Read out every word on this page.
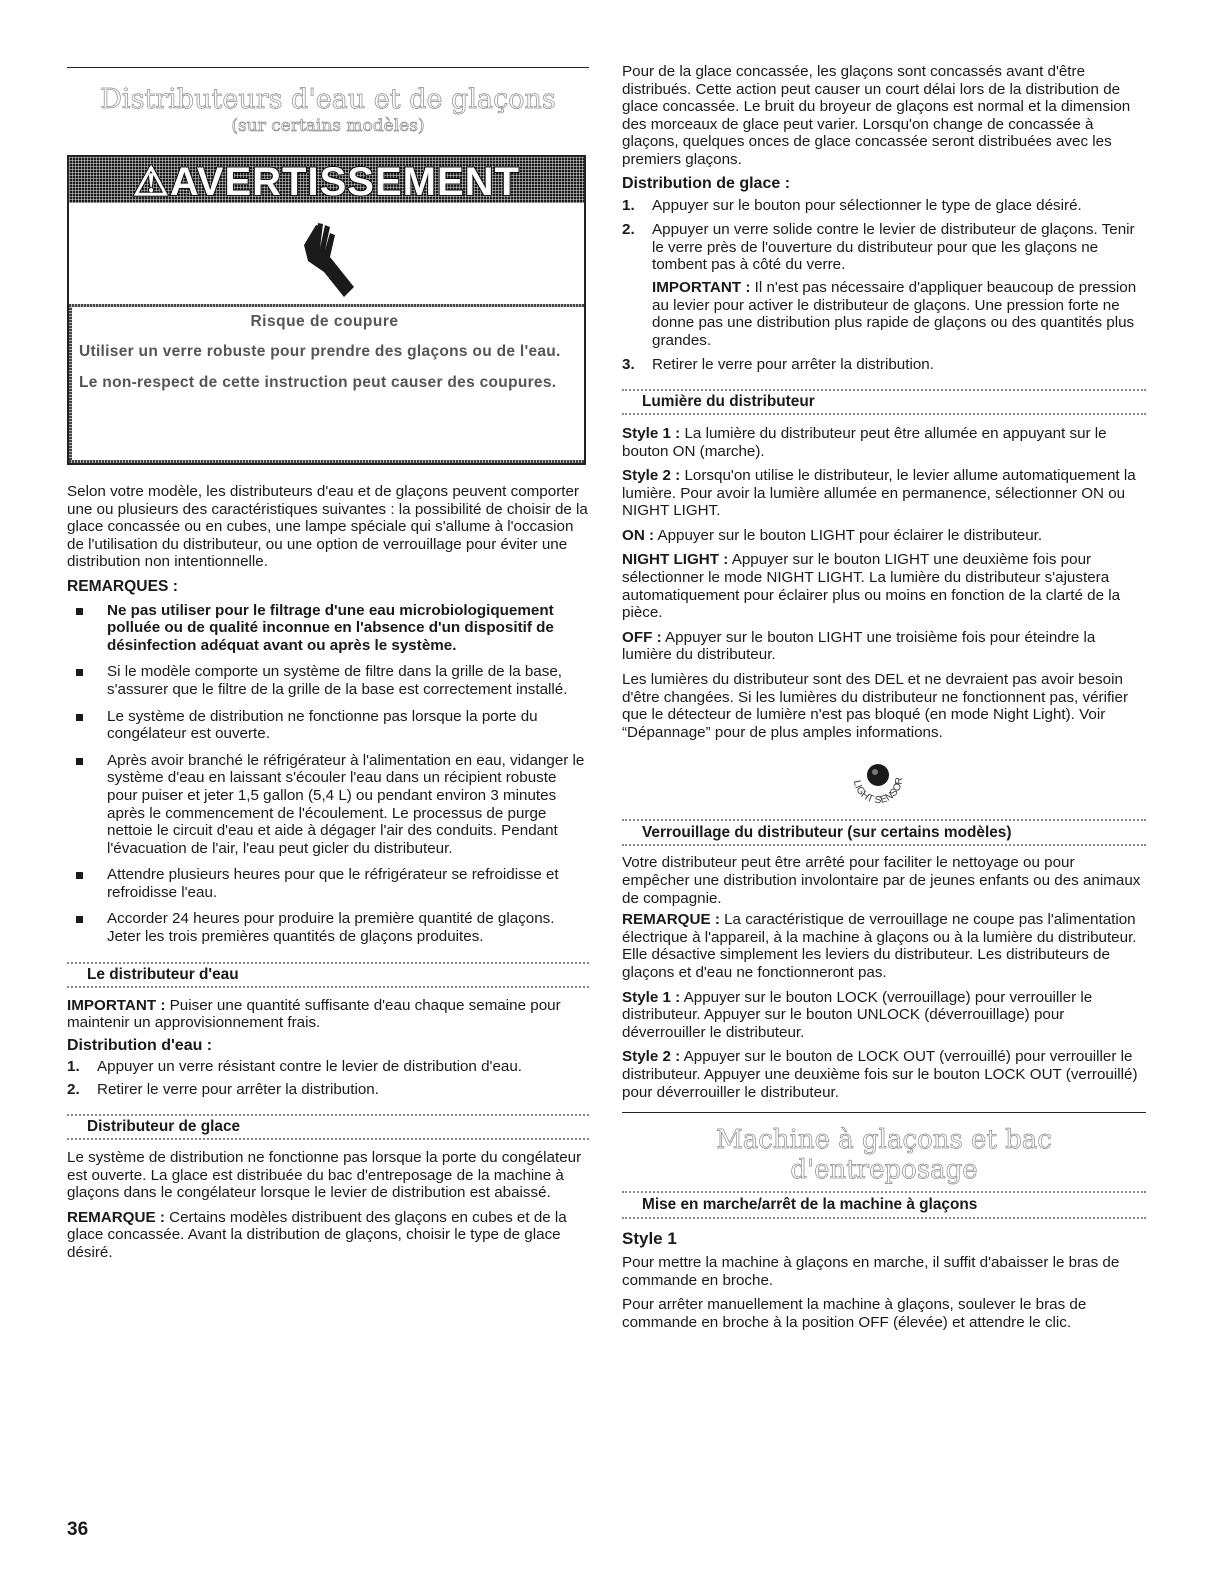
Distributeurs d'eau et de glaçons
(sur certains modèles)
⚠AVERTISSEMENT
Risque de coupure
Utiliser un verre robuste pour prendre des glaçons ou de l'eau.
Le non-respect de cette instruction peut causer des coupures.

Selon votre modèle, les distributeurs d'eau et de glaçons peuvent comporter une ou plusieurs des caractéristiques suivantes : la possibilité de choisir de la glace concassée ou en cubes, une lampe spéciale qui s'allume à l'occasion de l'utilisation du distributeur, ou une option de verrouillage pour éviter une distribution non intentionnelle.

REMARQUES :

Ne pas utiliser pour le filtrage d'une eau microbiologiquement polluée ou de qualité inconnue en l'absence d'un dispositif de désinfection adéquat avant ou après le système.

Si le modèle comporte un système de filtre dans la grille de la base, s'assurer que le filtre de la grille de la base est correctement installé.

Le système de distribution ne fonctionne pas lorsque la porte du congélateur est ouverte.

Après avoir branché le réfrigérateur à l'alimentation en eau, vidanger le système d'eau en laissant s'écouler l'eau dans un récipient robuste pour puiser et jeter 1,5 gallon (5,4 L) ou pendant environ 3 minutes après le commencement de l'écoulement. Le processus de purge nettoie le circuit d'eau et aide à dégager l'air des conduits. Pendant l'évacuation de l'air, l'eau peut gicler du distributeur.

Attendre plusieurs heures pour que le réfrigérateur se refroidisse et refroidisse l'eau.

Accorder 24 heures pour produire la première quantité de glaçons. Jeter les trois premières quantités de glaçons produites.

Le distributeur d'eau

IMPORTANT : Puiser une quantité suffisante d'eau chaque semaine pour maintenir un approvisionnement frais.

Distribution d'eau :

1. Appuyer un verre résistant contre le levier de distribution d'eau.

2. Retirer le verre pour arrêter la distribution.

Distributeur de glace

Le système de distribution ne fonctionne pas lorsque la porte du congélateur est ouverte. La glace est distribuée du bac d'entreposage de la machine à glaçons dans le congélateur lorsque le levier de distribution est abaissé.

REMARQUE : Certains modèles distribuent des glaçons en cubes et de la glace concassée. Avant la distribution de glaçons, choisir le type de glace désiré.

36

Pour de la glace concassée, les glaçons sont concassés avant d'être distribués. Cette action peut causer un court délai lors de la distribution de glace concassée. Le bruit du broyeur de glaçons est normal et la dimension des morceaux de glace peut varier. Lorsqu'on change de concassée à glaçons, quelques onces de glace concassée seront distribuées avec les premiers glaçons.

Distribution de glace :

1. Appuyer sur le bouton pour sélectionner le type de glace désiré.

2. Appuyer un verre solide contre le levier de distributeur de glaçons. Tenir le verre près de l'ouverture du distributeur pour que les glaçons ne tombent pas à côté du verre.

IMPORTANT : Il n'est pas nécessaire d'appliquer beaucoup de pression au levier pour activer le distributeur de glaçons. Une pression forte ne donne pas une distribution plus rapide de glaçons ou des quantités plus grandes.

3. Retirer le verre pour arrêter la distribution.

Lumière du distributeur

Style 1 : La lumière du distributeur peut être allumée en appuyant sur le bouton ON (marche).

Style 2 : Lorsqu'on utilise le distributeur, le levier allume automatiquement la lumière. Pour avoir la lumière allumée en permanence, sélectionner ON ou NIGHT LIGHT.

ON : Appuyer sur le bouton LIGHT pour éclairer le distributeur.

NIGHT LIGHT : Appuyer sur le bouton LIGHT une deuxième fois pour sélectionner le mode NIGHT LIGHT. La lumière du distributeur s'ajustera automatiquement pour éclairer plus ou moins en fonction de la clarté de la pièce.

OFF : Appuyer sur le bouton LIGHT une troisième fois pour éteindre la lumière du distributeur.

Les lumières du distributeur sont des DEL et ne devraient pas avoir besoin d'être changées. Si les lumières du distributeur ne fonctionnent pas, vérifier que le détecteur de lumière n'est pas bloqué (en mode Night Light). Voir “Dépannage” pour de plus amples informations.

LIGHT SENSOR
Verrouillage du distributeur (sur certains modèles)

Votre distributeur peut être arrêté pour faciliter le nettoyage ou pour empêcher une distribution involontaire par de jeunes enfants ou des animaux de compagnie.

REMARQUE : La caractéristique de verrouillage ne coupe pas l'alimentation électrique à l'appareil, à la machine à glaçons ou à la lumière du distributeur. Elle désactive simplement les leviers du distributeur. Les distributeurs de glaçons et d'eau ne fonctionneront pas.

Style 1 : Appuyer sur le bouton LOCK (verrouillage) pour verrouiller le distributeur. Appuyer sur le bouton UNLOCK (déverrouillage) pour déverrouiller le distributeur.

Style 2 : Appuyer sur le bouton de LOCK OUT (verrouillé) pour verrouiller le distributeur. Appuyer une deuxième fois sur le bouton LOCK OUT (verrouillé) pour déverrouiller le distributeur.

Machine à glaçons et bac d'entreposage
Mise en marche/arrêt de la machine à glaçons

Style 1

Pour mettre la machine à glaçons en marche, il suffit d'abaisser le bras de commande en broche.

Pour arrêter manuellement la machine à glaçons, soulever le bras de commande en broche à la position OFF (élevée) et attendre le clic.
